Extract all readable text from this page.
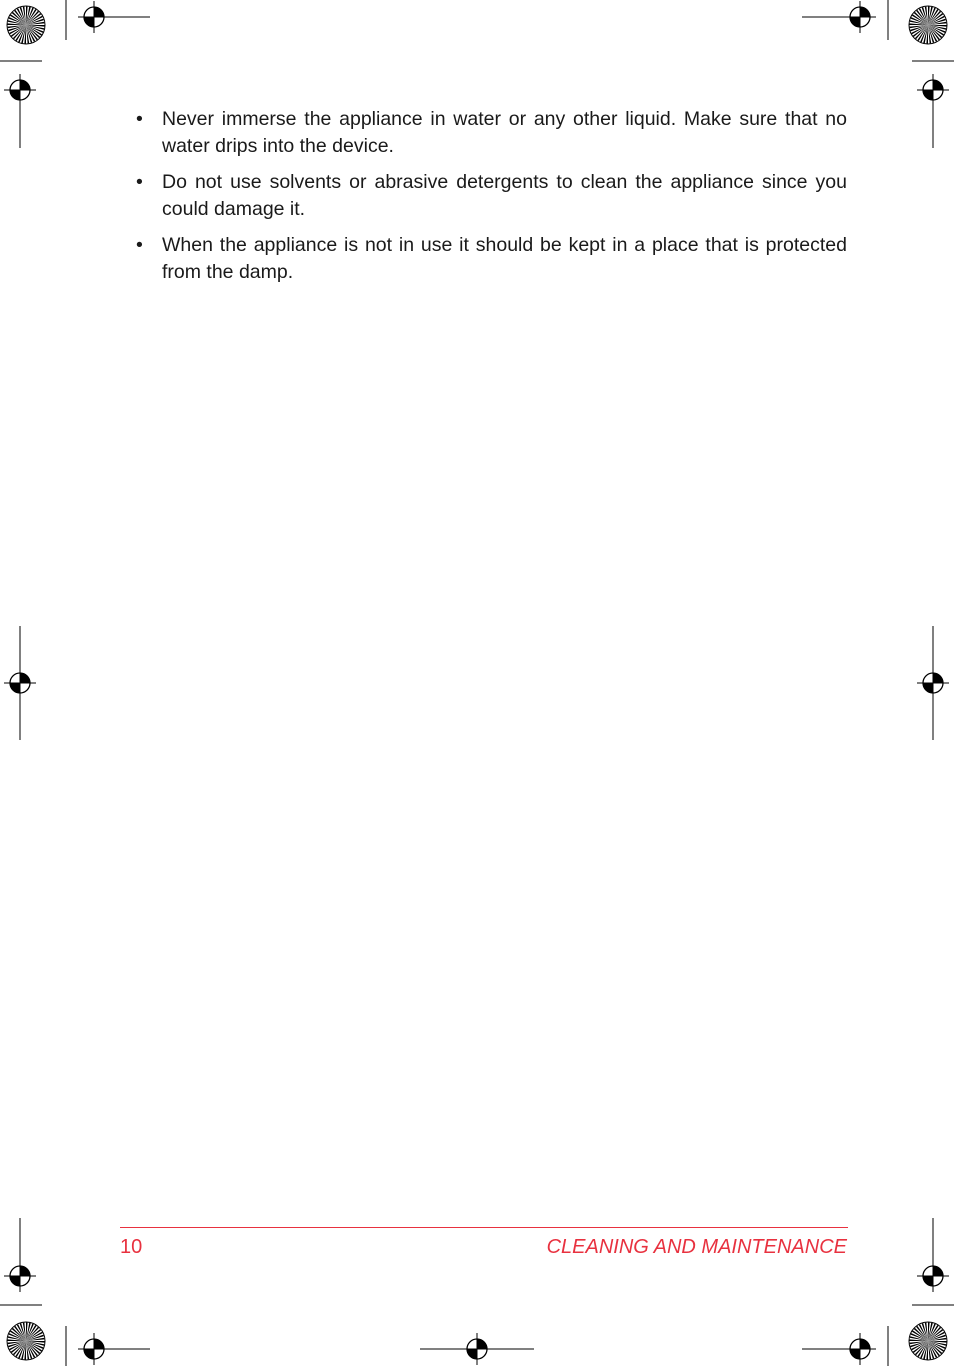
• Never immerse the appliance in water or any other liquid. Make sure that no water drips into the device.
• Do not use solvents or abrasive detergents to clean the appliance since you could damage it.
• When the appliance is not in use it should be kept in a place that is protected from the damp.
10	CLEANING AND MAINTENANCE
